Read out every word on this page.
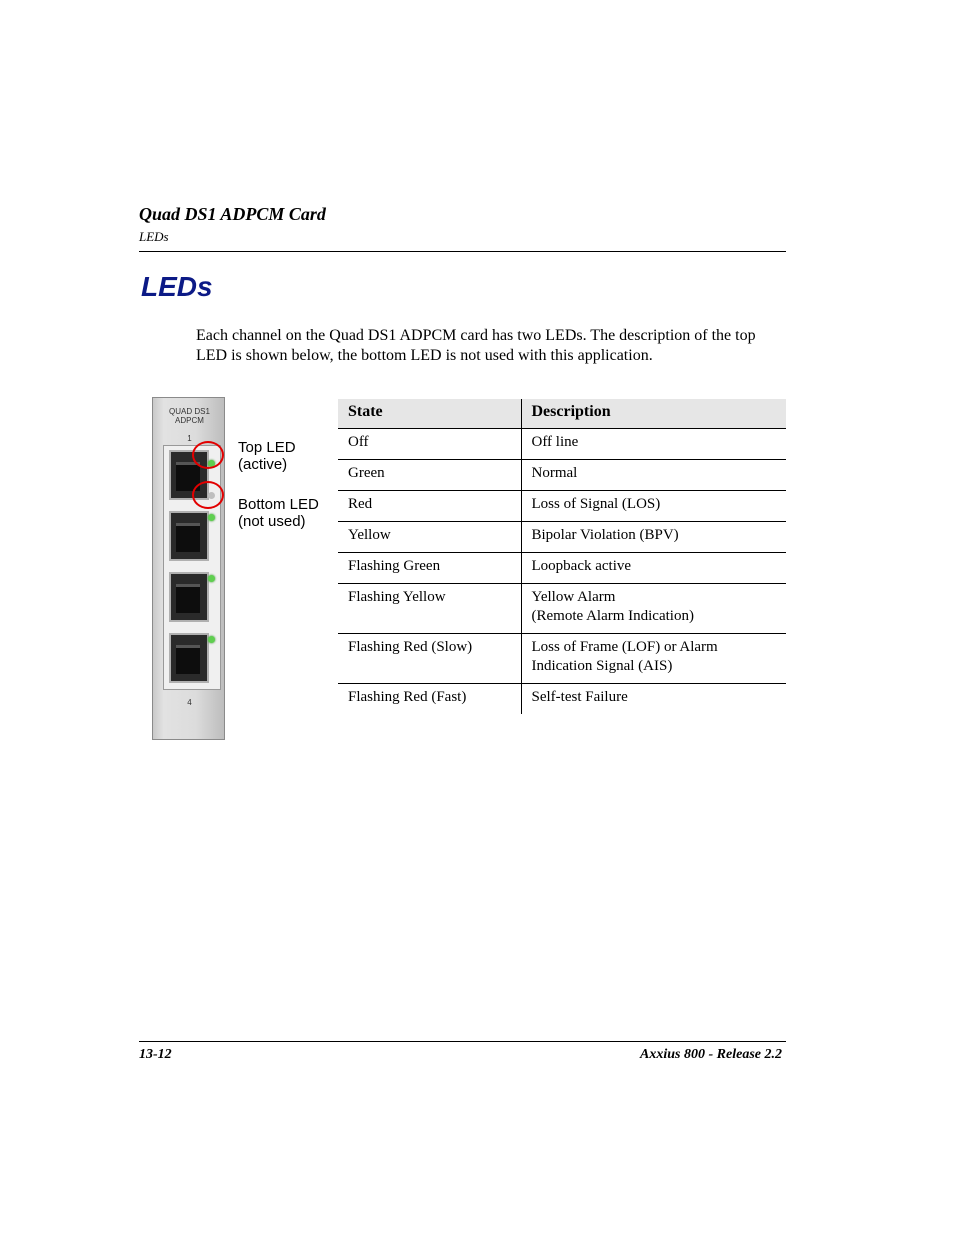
Quad DS1 ADPCM Card
LEDs
LEDs

Each channel on the Quad DS1 ADPCM card has two LEDs. The description of the top LED is shown below, the bottom LED is not used with this application.

QUAD DS1
ADPCM
1
4
Top LED
(active)
Bottom LED
(not used)
State	Description
Off	Off line
Green	Normal
Red	Loss of Signal (LOS)
Yellow	Bipolar Violation (BPV)
Flashing Green	Loopback active
Flashing Yellow	Yellow Alarm
(Remote Alarm Indication)
Flashing Red (Slow)	Loss of Frame (LOF) or Alarm
Indication Signal (AIS)
Flashing Red (Fast)	Self-test Failure
13-12	Axxius 800 - Release 2.2
